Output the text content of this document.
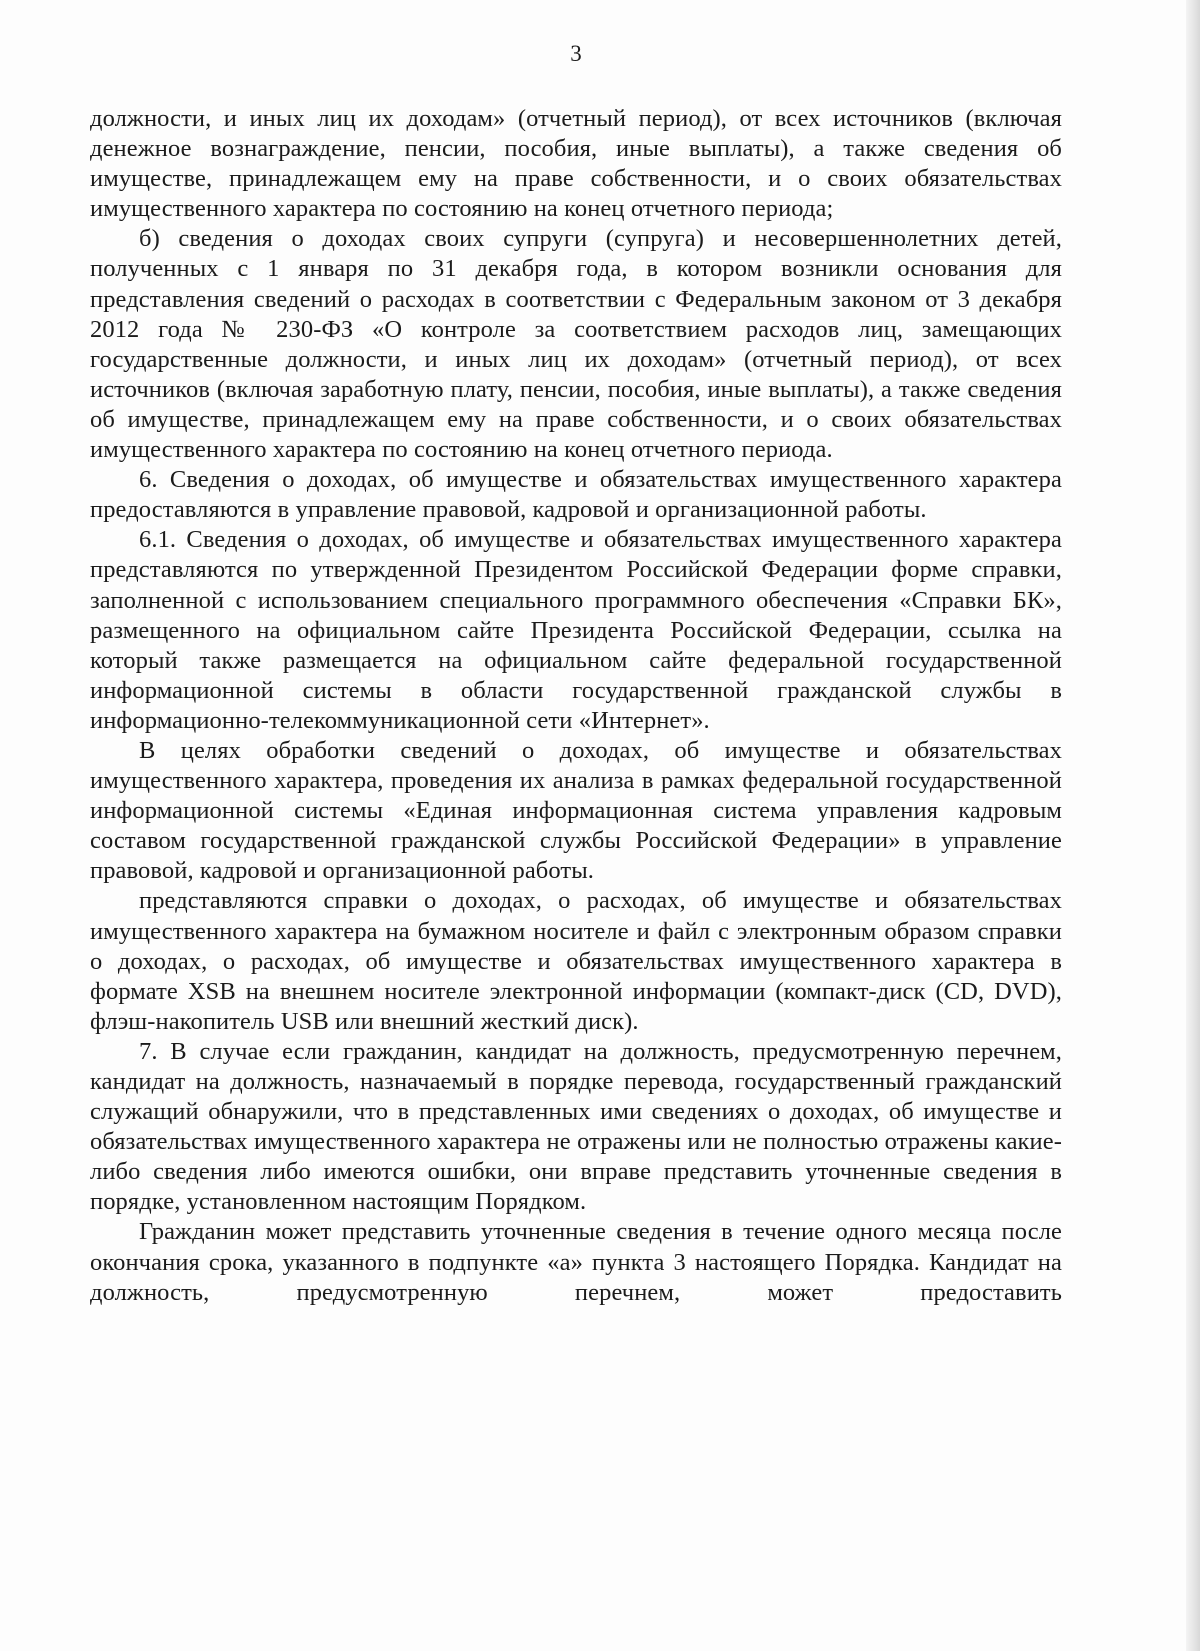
3

должности, и иных лиц их доходам» (отчетный период), от всех источников (включая денежное вознаграждение, пенсии, пособия, иные выплаты), а также сведения об имуществе, принадлежащем ему на праве собственности, и о своих обязательствах имущественного характера по состоянию на конец отчетного периода;

б) сведения о доходах своих супруги (супруга) и несовершеннолетних детей, полученных с 1 января по 31 декабря года, в котором возникли основания для представления сведений о расходах в соответствии с Федеральным законом от 3 декабря 2012 года № 230-ФЗ «О контроле за соответствием расходов лиц, замещающих государственные должности, и иных лиц их доходам» (отчетный период), от всех источников (включая заработную плату, пенсии, пособия, иные выплаты), а также сведения об имуществе, принадлежащем ему на праве собственности, и о своих обязательствах имущественного характера по состоянию на конец отчетного периода.

6. Сведения о доходах, об имуществе и обязательствах имущественного характера предоставляются в управление правовой, кадровой и организационной работы.

6.1. Сведения о доходах, об имуществе и обязательствах имущественного характера представляются по утвержденной Президентом Российской Федерации форме справки, заполненной с использованием специального программного обеспечения «Справки БК», размещенного на официальном сайте Президента Российской Федерации, ссылка на который также размещается на официальном сайте федеральной государственной информационной системы в области государственной гражданской службы в информационно-телекоммуникационной сети «Интернет».

В целях обработки сведений о доходах, об имуществе и обязательствах имущественного характера, проведения их анализа в рамках федеральной государственной информационной системы «Единая информационная система управления кадровым составом государственной гражданской службы Российской Федерации» в управление правовой, кадровой и организационной работы.

представляются справки о доходах, о расходах, об имуществе и обязательствах имущественного характера на бумажном носителе и файл с электронным образом справки о доходах, о расходах, об имуществе и обязательствах имущественного характера в формате XSB на внешнем носителе электронной информации (компакт-диск (CD, DVD), флэш-накопитель USB или внешний жесткий диск).

7. В случае если гражданин, кандидат на должность, предусмотренную перечнем, кандидат на должность, назначаемый в порядке перевода, государственный гражданский служащий обнаружили, что в представленных ими сведениях о доходах, об имуществе и обязательствах имущественного характера не отражены или не полностью отражены какие-либо сведения либо имеются ошибки, они вправе представить уточненные сведения в порядке, установленном настоящим Порядком.

Гражданин может представить уточненные сведения в течение одного месяца после окончания срока, указанного в подпункте «а» пункта 3 настоящего Порядка. Кандидат на должность, предусмотренную перечнем, может предоставить
